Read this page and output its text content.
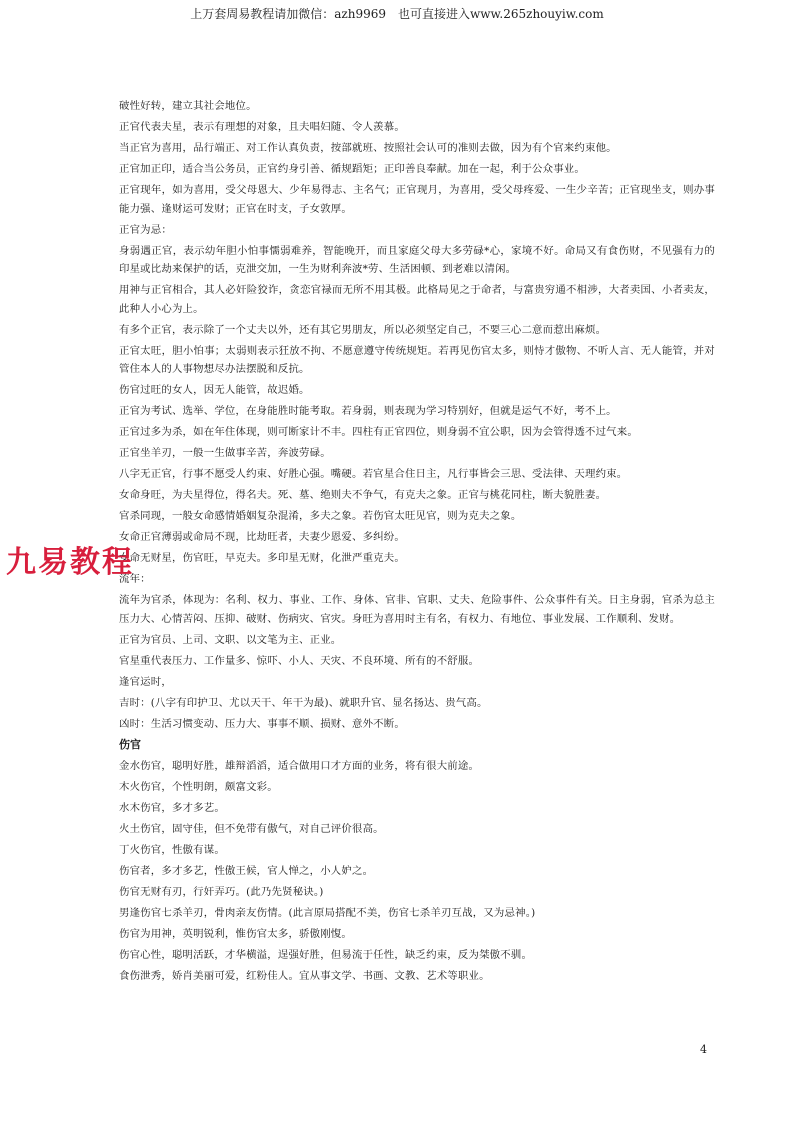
上万套周易教程请加微信：azh9969　也可直接进入www.265zhouyiw.com
破性好转，建立其社会地位。
正官代表夫星，表示有理想的对象，且夫唱妇随、令人羡慕。
当正官为喜用，品行端正、对工作认真负责，按部就班、按照社会认可的准则去做，因为有个官来约束他。
正官加正印，适合当公务员，正官约身引善、循规蹈矩；正印善良奉献。加在一起，利于公众事业。
正官现年，如为喜用，受父母恩大、少年易得志、主名气；正官现月，为喜用，受父母疼爱、一生少辛苦；正官现坐支，则办事能力强、逢财运可发财；正官在时支，子女敦厚。
正官为忌：
身弱遇正官，表示幼年胆小怕事懦弱难养，智能晚开，而且家庭父母大多劳碌*心，家境不好。命局又有食伤财，不见强有力的印星或比劫来保护的话，克泄交加，一生为财利奔波*劳、生活困顿、到老难以清闲。
用神与正官相合，其人必奸险狡诈，贪恋官禄而无所不用其极。此格局见之于命者，与富贵穷通不相涉，大者卖国、小者卖友，此种人小心为上。
有多个正官，表示除了一个丈夫以外，还有其它男朋友，所以必须坚定自己，不要三心二意而惹出麻烦。
正官太旺，胆小怕事；太弱则表示狂放不拘、不愿意遵守传统规矩。若再见伤官太多，则恃才傲物、不听人言、无人能管，并对管住本人的人事物想尽办法摆脱和反抗。
伤官过旺的女人，因无人能管，故迟婚。
正官为考试、选举、学位，在身能胜时能考取。若身弱，则表现为学习特别好，但就是运气不好，考不上。
正官过多为杀，如在年住体现，则可断家计不丰。四柱有正官四位，则身弱不宜公职，因为会管得透不过气来。
正官坐羊刃，一般一生做事辛苦，奔波劳碌。
八字无正官，行事不愿受人约束、好胜心强。嘴硬。若官星合住日主，凡行事皆会三思、受法律、天理约束。
女命身旺，为夫星得位，得名夫。死、墓、绝则夫不争气，有克夫之象。正官与桃花同柱，断夫貌胜妻。
官杀同现，一般女命感情婚姻复杂混淆，多夫之象。若伤官太旺见官，则为克夫之象。
女命正官薄弱或命局不现，比劫旺者，夫妻少恩爱、多纠纷。
女命无财星，伤官旺，早克夫。多印星无财，化泄严重克夫。
流年：
流年为官杀，体现为：名利、权力、事业、工作、身体、官非、官职、丈夫、危险事件、公众事件有关。日主身弱，官杀为总主压力大、心情苦闷、压抑、破财、伤病灾、官灾。身旺为喜用时主有名，有权力、有地位、事业发展、工作顺利、发财。
正官为官员、上司、文职、以文笔为主、正业。
官星重代表压力、工作量多、惊吓、小人、天灾、不良环境、所有的不舒服。
逢官运时，
吉时：(八字有印护卫、尤以天干、年干为最)、就职升官、显名扬达、贵气高。
凶时：生活习惯变动、压力大、事事不顺、损财、意外不断。
伤官
金水伤官，聪明好胜，雄辩滔滔，适合做用口才方面的业务，将有很大前途。
木火伤官，个性明朗，颇富文彩。
水木伤官，多才多艺。
火土伤官，固守佳，但不免带有傲气，对自己评价很高。
丁火伤官，性傲有谋。
伤官者，多才多艺，性傲王候，官人惮之，小人妒之。
伤官无财有刃，行奸弄巧。(此乃先贤秘诀。)
男逢伤官七杀羊刃，骨肉亲友伤情。(此言原局搭配不美，伤官七杀羊刃互战，又为忌神。)
伤官为用神，英明锐利，惟伤官太多，骄傲刚愎。
伤官心性，聪明活跃，才华横溢，逞强好胜，但易流于任性，缺乏约束，反为桀傲不驯。
食伤泄秀，娇肖美丽可爱，红粉佳人。宜从事文学、书画、文教、艺术等职业。
九易教程
4
